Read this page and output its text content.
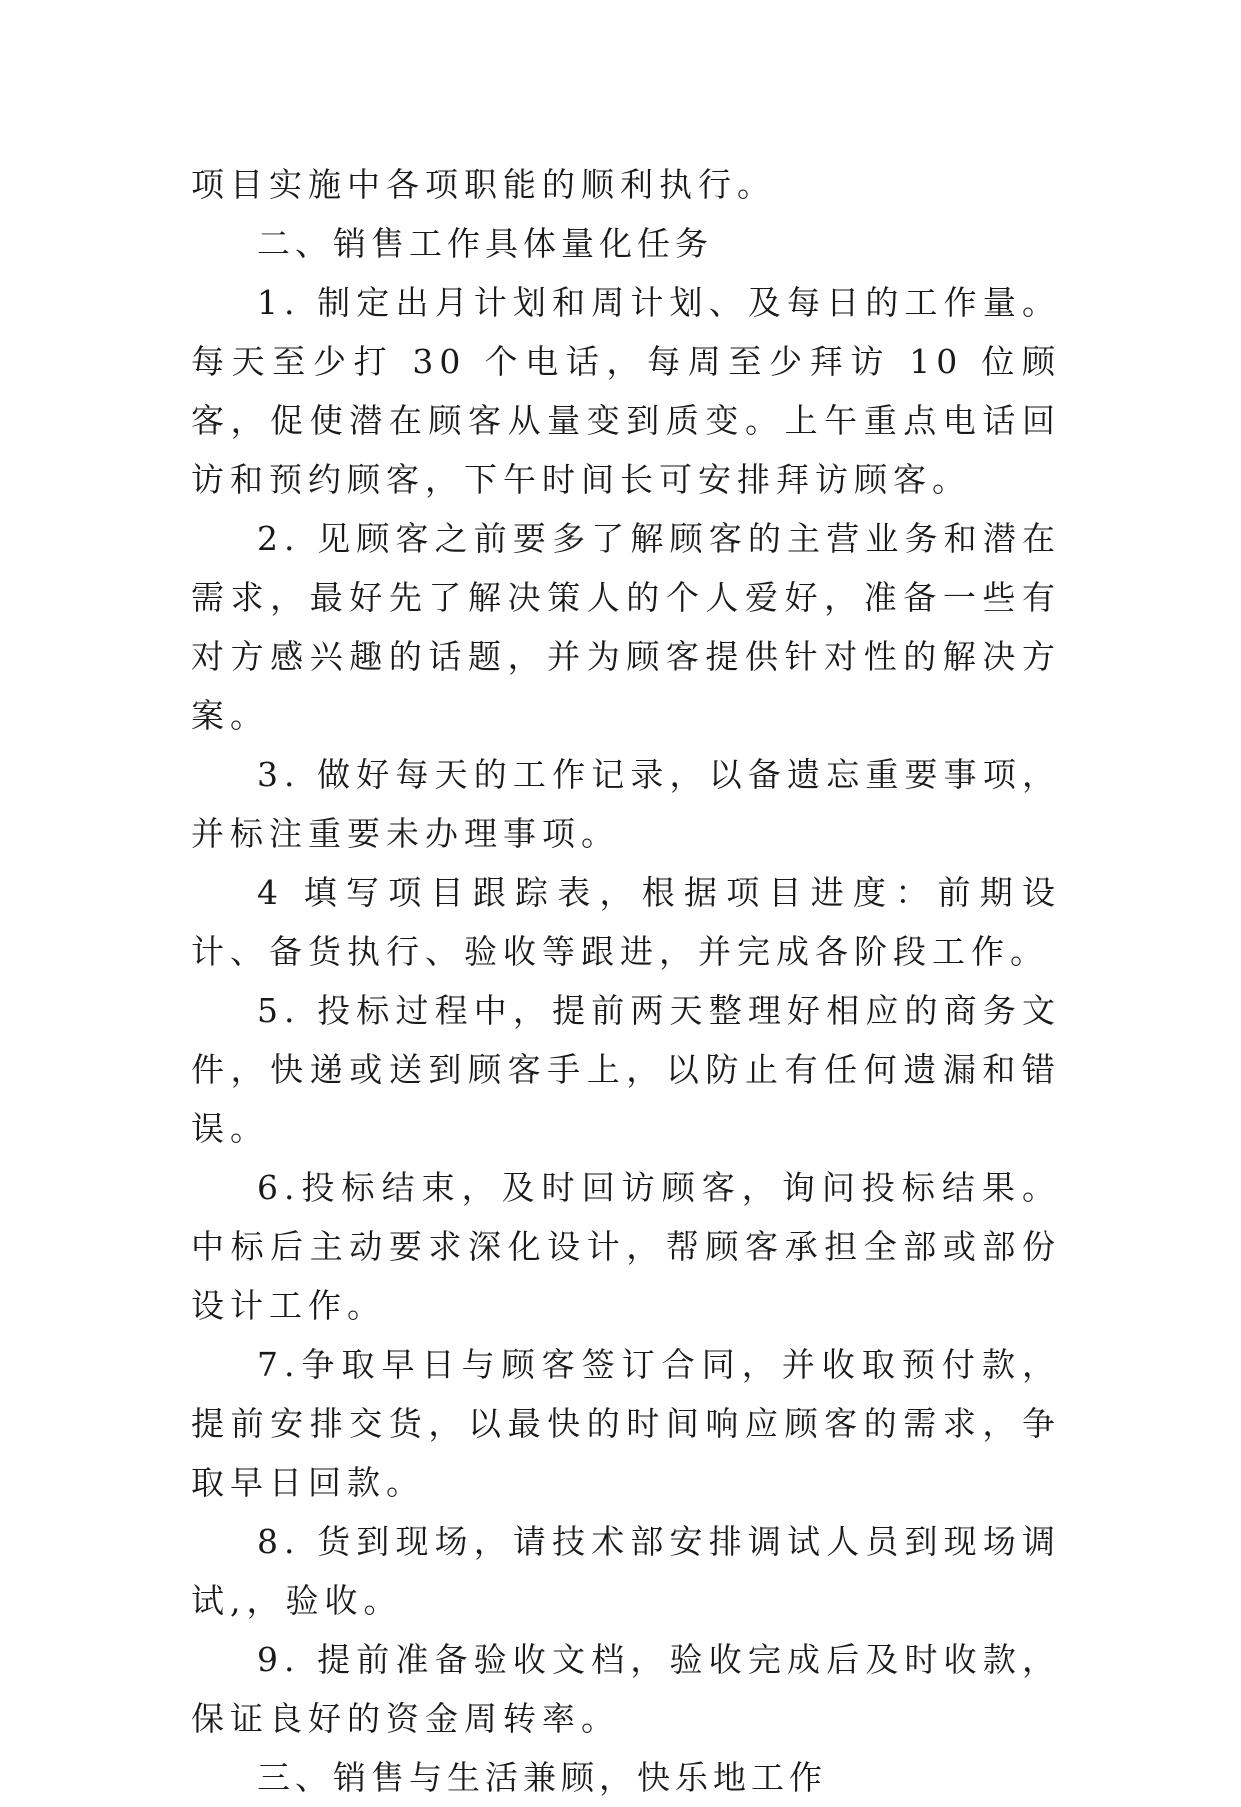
项目实施中各项职能的顺利执行。

二、销售工作具体量化任务

1. 制定出月计划和周计划、及每日的工作量。每天至少打 30 个电话，每周至少拜访 10 位顾客，促使潜在顾客从量变到质变。上午重点电话回访和预约顾客，下午时间长可安排拜访顾客。

2. 见顾客之前要多了解顾客的主营业务和潜在需求，最好先了解决策人的个人爱好，准备一些有对方感兴趣的话题，并为顾客提供针对性的解决方案。

3. 做好每天的工作记录，以备遗忘重要事项，并标注重要未办理事项。

4 填写项目跟踪表，根据项目进度：前期设计、备货执行、验收等跟进，并完成各阶段工作。

5. 投标过程中，提前两天整理好相应的商务文件，快递或送到顾客手上，以防止有任何遗漏和错误。

6.投标结束，及时回访顾客，询问投标结果。中标后主动要求深化设计，帮顾客承担全部或部份设计工作。

7.争取早日与顾客签订合同，并收取预付款，提前安排交货，以最快的时间响应顾客的需求，争取早日回款。

8. 货到现场，请技术部安排调试人员到现场调试,，验收。

9. 提前准备验收文档，验收完成后及时收款，保证良好的资金周转率。

三、销售与生活兼顾，快乐地工作
